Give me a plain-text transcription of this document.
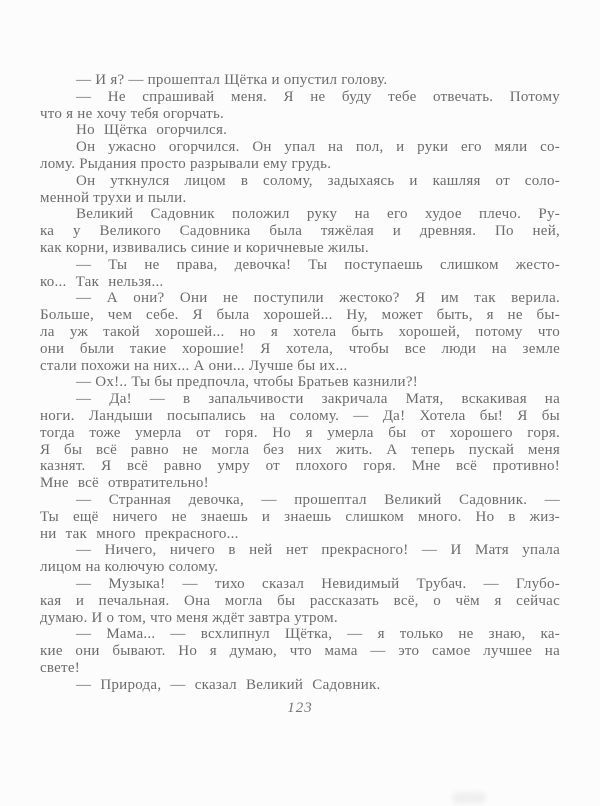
— И я? — прошептал Щётка и опустил голову.
— Не спрашивай меня. Я не буду тебе отвечать. Потому
что я не хочу тебя огорчать.
Но Щётка огорчился.
Он ужасно огорчился. Он упал на пол, и руки его мяли со-
лому. Рыдания просто разрывали ему грудь.
Он уткнулся лицом в солому, задыхаясь и кашляя от соло-
менной трухи и пыли.
Великий Садовник положил руку на его худое плечо. Ру-
ка у Великого Садовника была тяжёлая и древняя. По ней,
как корни, извивались синие и коричневые жилы.
— Ты не права, девочка! Ты поступаешь слишком жесто-
ко... Так нельзя...
— А они? Они не поступили жестоко? Я им так верила.
Больше, чем себе. Я была хорошей... Ну, может быть, я не бы-
ла уж такой хорошей... но я хотела быть хорошей, потому что
они были такие хорошие! Я хотела, чтобы все люди на земле
стали похожи на них... А они... Лучше бы их...
— Ох!.. Ты бы предпочла, чтобы Братьев казнили?!
— Да! — в запальчивости закричала Матя, вскакивая на
ноги. Ландыши посыпались на солому. — Да! Хотела бы! Я бы
тогда тоже умерла от горя. Но я умерла бы от хорошего горя.
Я бы всё равно не могла без них жить. А теперь пускай меня
казнят. Я всё равно умру от плохого горя. Мне всё противно!
Мне всё отвратительно!
— Странная девочка, — прошептал Великий Садовник. —
Ты ещё ничего не знаешь и знаешь слишком много. Но в жиз-
ни так много прекрасного...
— Ничего, ничего в ней нет прекрасного! — И Матя упала
лицом на колючую солому.
— Музыка! — тихо сказал Невидимый Трубач. — Глубо-
кая и печальная. Она могла бы рассказать всё, о чём я сейчас
думаю. И о том, что меня ждёт завтра утром.
— Мама... — всхлипнул Щётка, — я только не знаю, ка-
кие они бывают. Но я думаю, что мама — это самое лучшее на
свете!
— Природа, — сказал Великий Садовник.
123
